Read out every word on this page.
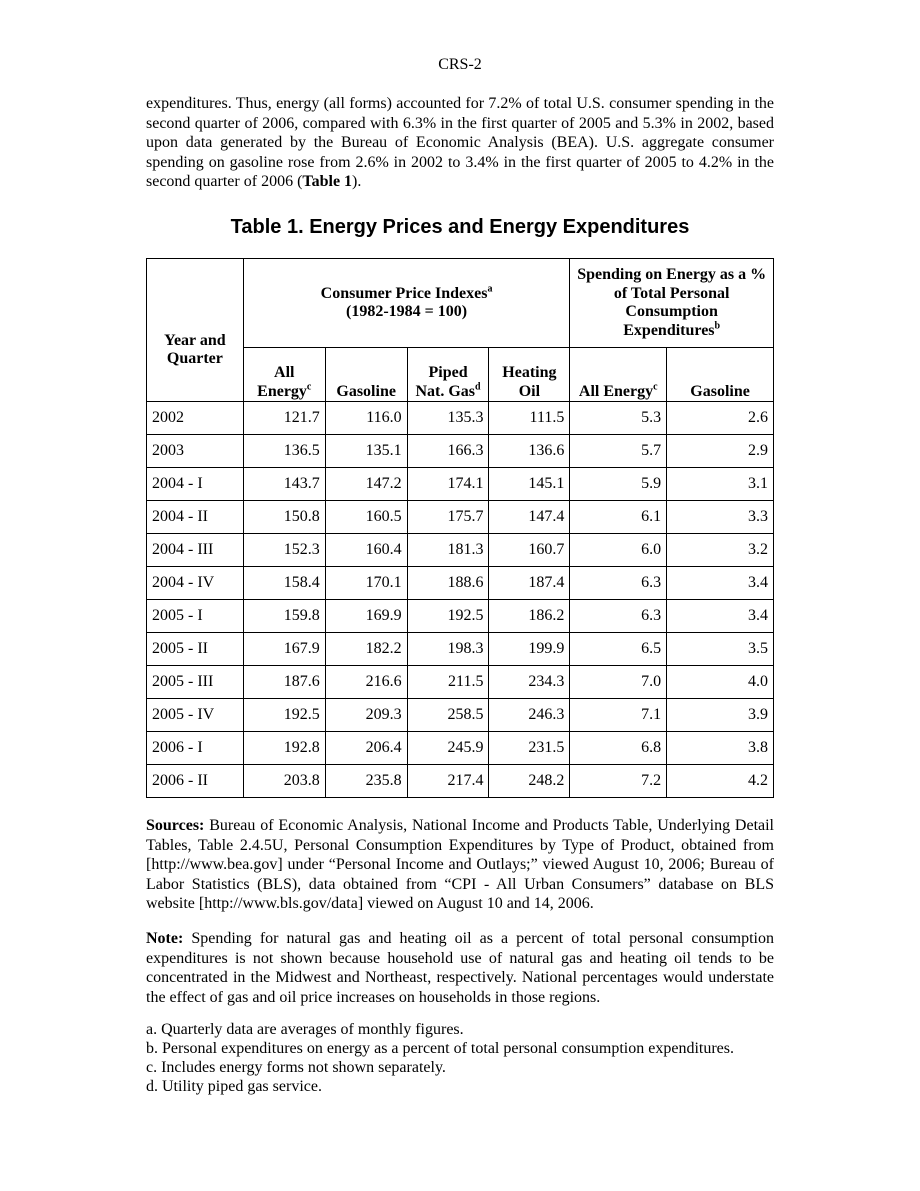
CRS-2

expenditures. Thus, energy (all forms) accounted for 7.2% of total U.S. consumer spending in the second quarter of 2006, compared with 6.3% in the first quarter of 2005 and 5.3% in 2002, based upon data generated by the Bureau of Economic Analysis (BEA). U.S. aggregate consumer spending on gasoline rose from 2.6% in 2002 to 3.4% in the first quarter of 2005 to 4.2% in the second quarter of 2006 (Table 1).

Table 1. Energy Prices and Energy Expenditures
Year and Quarter	Consumer Price Indexes$^a$
(1982-1984 = 100)				Spending on Energy as a % of Total Personal Consumption Expenditures$^b$
	All Energy$^c$	Gasoline	Piped Nat. Gas$^d$	Heating Oil	All Energy$^c$	Gasoline
2002	121.7	116.0	135.3	111.5	5.3	2.6
2003	136.5	135.1	166.3	136.6	5.7	2.9
2004 - I	143.7	147.2	174.1	145.1	5.9	3.1
2004 - II	150.8	160.5	175.7	147.4	6.1	3.3
2004 - III	152.3	160.4	181.3	160.7	6.0	3.2
2004 - IV	158.4	170.1	188.6	187.4	6.3	3.4
2005 - I	159.8	169.9	192.5	186.2	6.3	3.4
2005 - II	167.9	182.2	198.3	199.9	6.5	3.5
2005 - III	187.6	216.6	211.5	234.3	7.0	4.0
2005 - IV	192.5	209.3	258.5	246.3	7.1	3.9
2006 - I	192.8	206.4	245.9	231.5	6.8	3.8
2006 - II	203.8	235.8	217.4	248.2	7.2	4.2

Sources: Bureau of Economic Analysis, National Income and Products Table, Underlying Detail Tables, Table 2.4.5U, Personal Consumption Expenditures by Type of Product, obtained from [http://www.bea.gov] under “Personal Income and Outlays;” viewed August 10, 2006; Bureau of Labor Statistics (BLS), data obtained from “CPI - All Urban Consumers” database on BLS website [http://www.bls.gov/data] viewed on August 10 and 14, 2006.

Note: Spending for natural gas and heating oil as a percent of total personal consumption expenditures is not shown because household use of natural gas and heating oil tends to be concentrated in the Midwest and Northeast, respectively. National percentages would understate the effect of gas and oil price increases on households in those regions.

a. Quarterly data are averages of monthly figures.

b. Personal expenditures on energy as a percent of total personal consumption expenditures.

c. Includes energy forms not shown separately.

d. Utility piped gas service.
